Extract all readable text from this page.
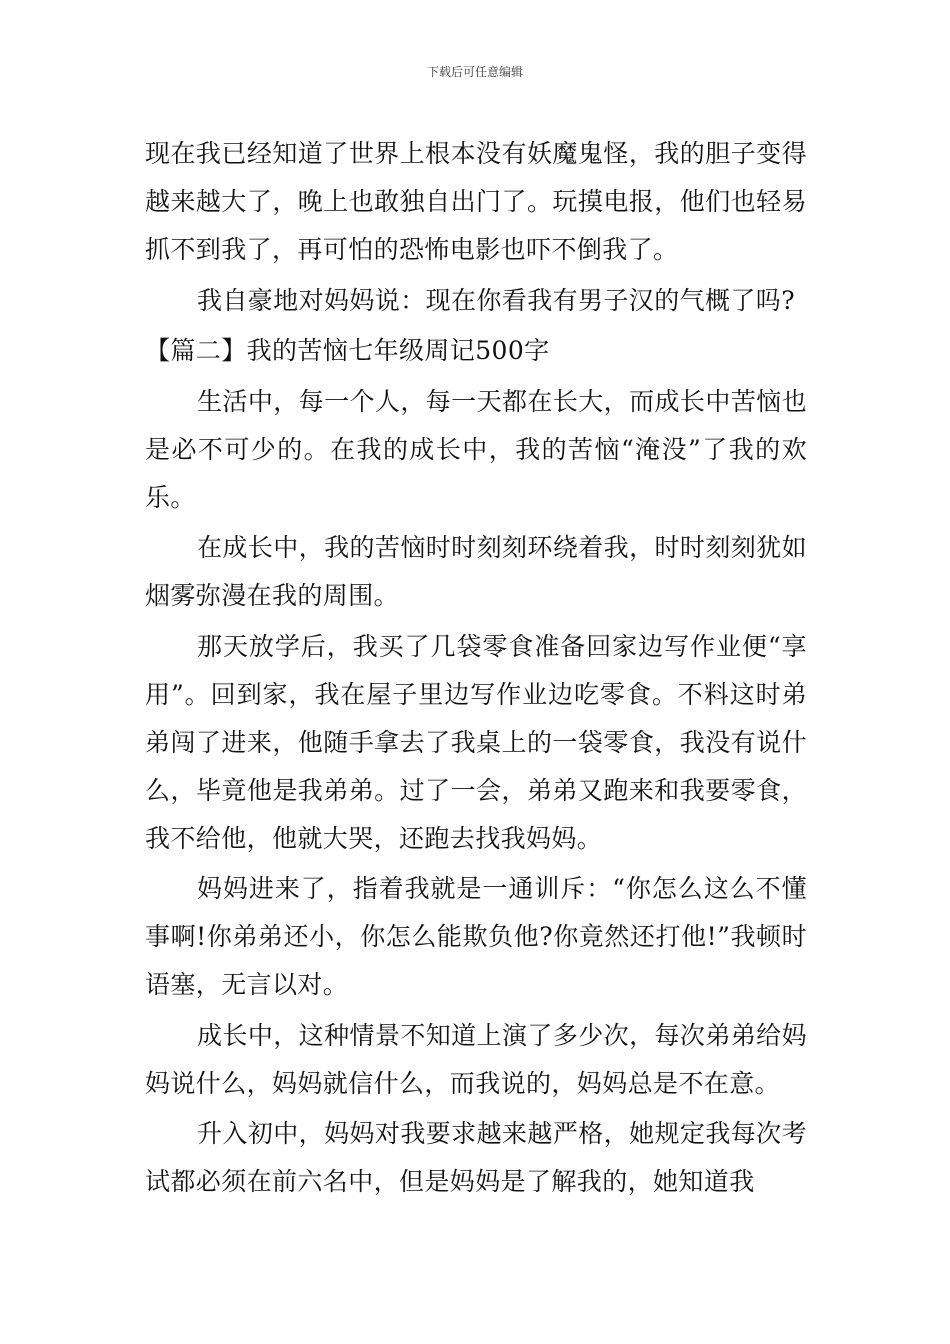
下载后可任意编辑

现在我已经知道了世界上根本没有妖魔鬼怪，我的胆子变得越来越大了，晚上也敢独自出门了。玩摸电报，他们也轻易抓不到我了，再可怕的恐怖电影也吓不倒我了。

我自豪地对妈妈说：现在你看我有男子汉的气概了吗?

【篇二】我的苦恼七年级周记500字

生活中，每一个人，每一天都在长大，而成长中苦恼也是必不可少的。在我的成长中，我的苦恼“淹没”了我的欢乐。

在成长中，我的苦恼时时刻刻环绕着我，时时刻刻犹如烟雾弥漫在我的周围。

那天放学后，我买了几袋零食准备回家边写作业便“享用”。回到家，我在屋子里边写作业边吃零食。不料这时弟弟闯了进来，他随手拿去了我桌上的一袋零食，我没有说什么，毕竟他是我弟弟。过了一会，弟弟又跑来和我要零食，我不给他，他就大哭，还跑去找我妈妈。

妈妈进来了，指着我就是一通训斥：“你怎么这么不懂事啊!你弟弟还小，你怎么能欺负他?你竟然还打他!”我顿时语塞，无言以对。

成长中，这种情景不知道上演了多少次，每次弟弟给妈妈说什么，妈妈就信什么，而我说的，妈妈总是不在意。

升入初中，妈妈对我要求越来越严格，她规定我每次考试都必须在前六名中，但是妈妈是了解我的，她知道我
